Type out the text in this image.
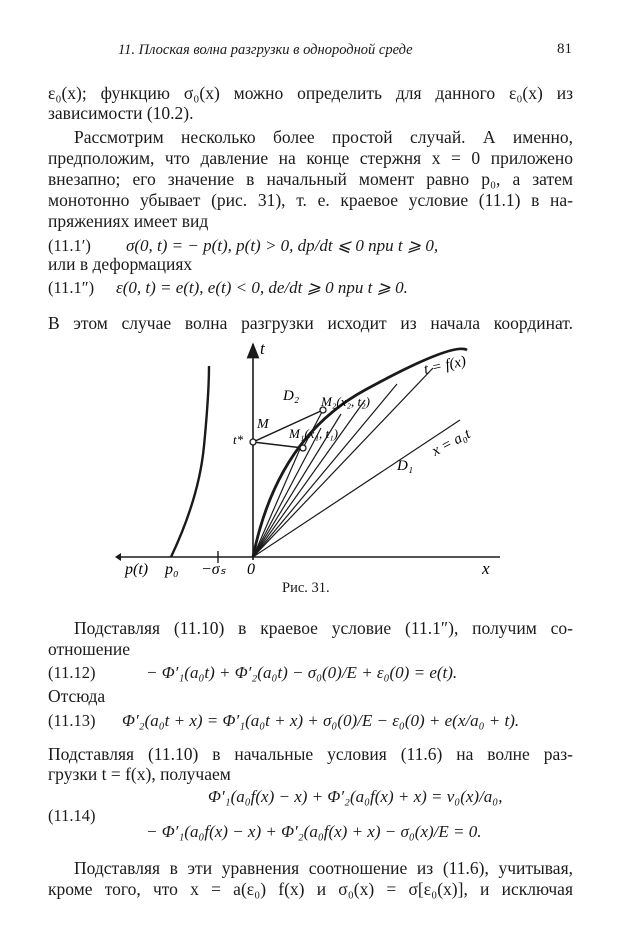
11. Плоская волна разгрузки в однородной среде	81
ε₀(x); функцию σ₀(x) можно определить для данного ε₀(x) из
зависимости (10.2).
Рассмотрим несколько более простой случай. А именно,
предположим, что давление на конце стержня x = 0 приложено
внезапно; его значение в начальный момент равно p₀, а затем
монотонно убывает (рис. 31), т. е. краевое условие (11.1) в на-
пряжениях имеет вид
(11.1′) σ(0, t) = − p(t), p(t) > 0, dp/dt ⩽ 0 при t ⩾ 0,
или в деформациях
(11.1″) ε(0, t) = e(t), e(t) < 0, de/dt ⩾ 0 при t ⩾ 0.
В этом случае волна разгрузки исходит из начала координат.
t
x
D₂
D₁
M
t*	M₁(x₁, t₁)
M₂(x₂, t₂)
t = f(x)
x = a₀t
p(t) p₀ −σₛ 0
Рис. 31.
Подставляя (11.10) в краевое условие (11.1″), получим со-
отношение
(11.12)	− Φ′₁(a₀t) + Φ′₂(a₀t) − σ₀(0)/E + ε₀(0) = e(t).
Отсюда
(11.13) Φ′₂(a₀t + x) = Φ′₁(a₀t + x) + σ₀(0)/E − ε₀(0) + e(x/a₀ + t).
Подставляя (11.10) в начальные условия (11.6) на волне раз-
грузки t = f(x), получаем
(11.14)
Φ′₁(a₀f(x) − x) + Φ′₂(a₀f(x) + x) = v₀(x)/a₀,
− Φ′₁(a₀f(x) − x) + Φ′₂(a₀f(x) + x) − σ₀(x)/E = 0.
Подставляя в эти уравнения соотношение из (11.6), учитывая,
кроме того, что x = a(ε₀) f(x) и σ₀(x) = σ[ε₀(x)], и исключая
